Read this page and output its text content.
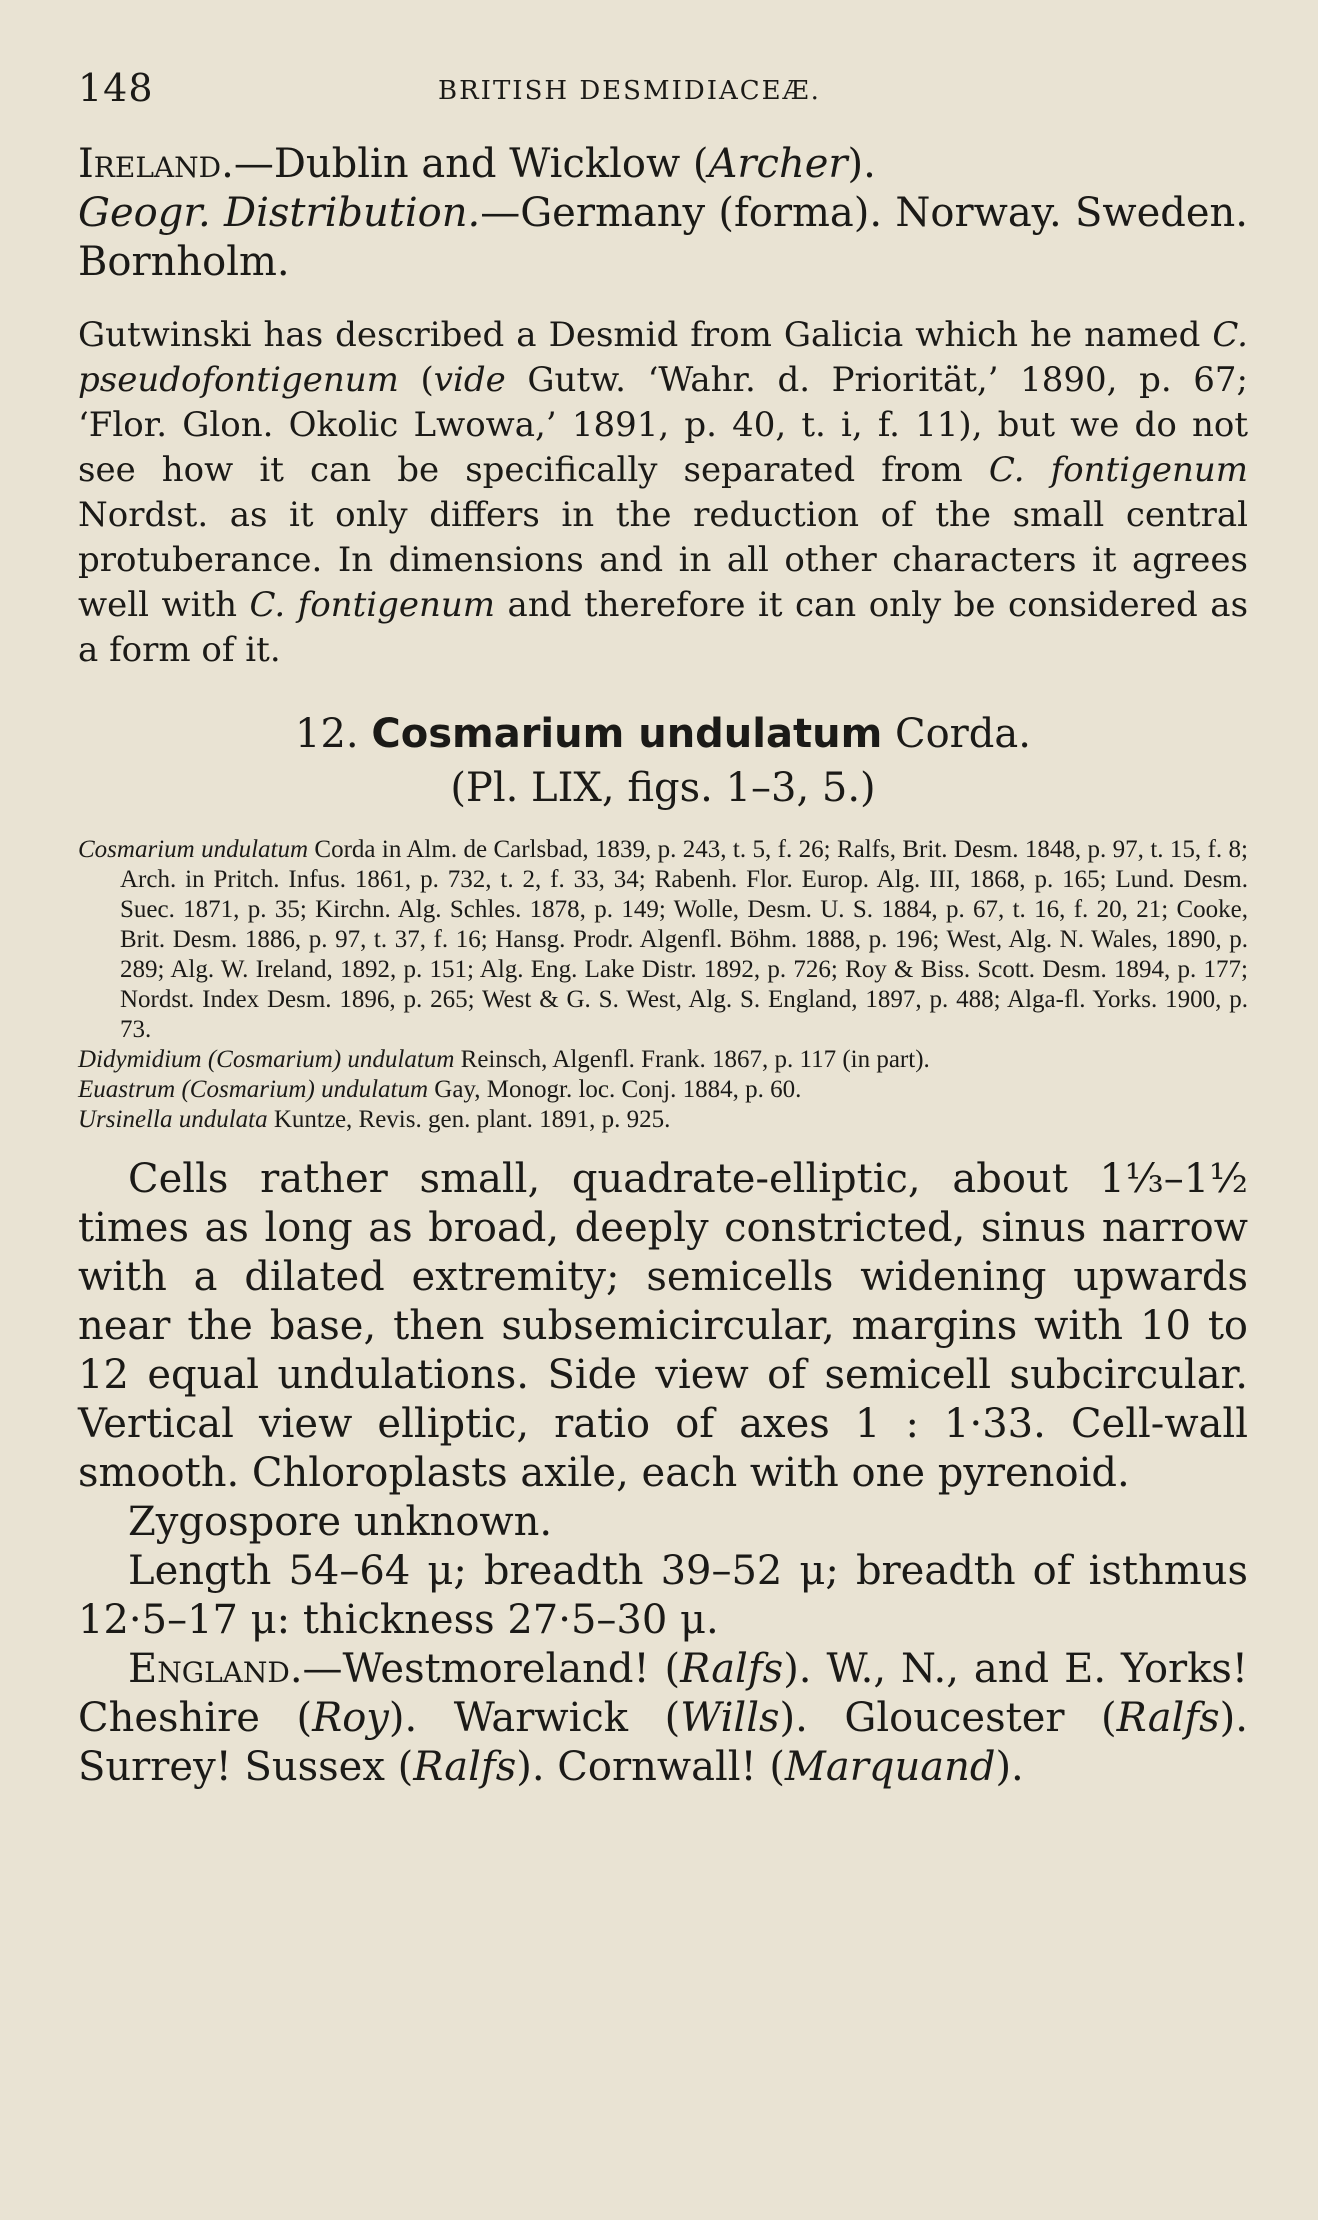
148	BRITISH DESMIDIACEÆ.

Ireland.—Dublin and Wicklow (Archer).

Geogr. Distribution.—Germany (forma). Norway. Sweden. Bornholm.

Gutwinski has described a Desmid from Galicia which he named C. pseudofontigenum (vide Gutw. ‘Wahr. d. Priorität,’ 1890, p. 67; ‘Flor. Glon. Okolic Lwowa,’ 1891, p. 40, t. i, f. 11), but we do not see how it can be specifically separated from C. fontigenum Nordst. as it only differs in the reduction of the small central protuberance. In dimensions and in all other characters it agrees well with C. fontigenum and therefore it can only be considered as a form of it.

12. Cosmarium undulatum Corda.
(Pl. LIX, figs. 1–3, 5.)

Cosmarium undulatum Corda in Alm. de Carlsbad, 1839, p. 243, t. 5, f. 26; Ralfs, Brit. Desm. 1848, p. 97, t. 15, f. 8; Arch. in Pritch. Infus. 1861, p. 732, t. 2, f. 33, 34; Rabenh. Flor. Europ. Alg. III, 1868, p. 165; Lund. Desm. Suec. 1871, p. 35; Kirchn. Alg. Schles. 1878, p. 149; Wolle, Desm. U. S. 1884, p. 67, t. 16, f. 20, 21; Cooke, Brit. Desm. 1886, p. 97, t. 37, f. 16; Hansg. Prodr. Algenfl. Böhm. 1888, p. 196; West, Alg. N. Wales, 1890, p. 289; Alg. W. Ireland, 1892, p. 151; Alg. Eng. Lake Distr. 1892, p. 726; Roy & Biss. Scott. Desm. 1894, p. 177; Nordst. Index Desm. 1896, p. 265; West & G. S. West, Alg. S. England, 1897, p. 488; Alga-fl. Yorks. 1900, p. 73.

Didymidium (Cosmarium) undulatum Reinsch, Algenfl. Frank. 1867, p. 117 (in part).

Euastrum (Cosmarium) undulatum Gay, Monogr. loc. Conj. 1884, p. 60.

Ursinella undulata Kuntze, Revis. gen. plant. 1891, p. 925.

Cells rather small, quadrate-elliptic, about 1⅓–1½ times as long as broad, deeply constricted, sinus narrow with a dilated extremity; semicells widening upwards near the base, then subsemicircular, margins with 10 to 12 equal undulations. Side view of semicell subcircular. Vertical view elliptic, ratio of axes 1 : 1·33. Cell-wall smooth. Chloroplasts axile, each with one pyrenoid.

Zygospore unknown.

Length 54–64 μ; breadth 39–52 μ; breadth of isthmus 12·5–17 μ: thickness 27·5–30 μ.

England.—Westmoreland! (Ralfs). W., N., and E. Yorks! Cheshire (Roy). Warwick (Wills). Gloucester (Ralfs). Surrey! Sussex (Ralfs). Cornwall! (Marquand).
